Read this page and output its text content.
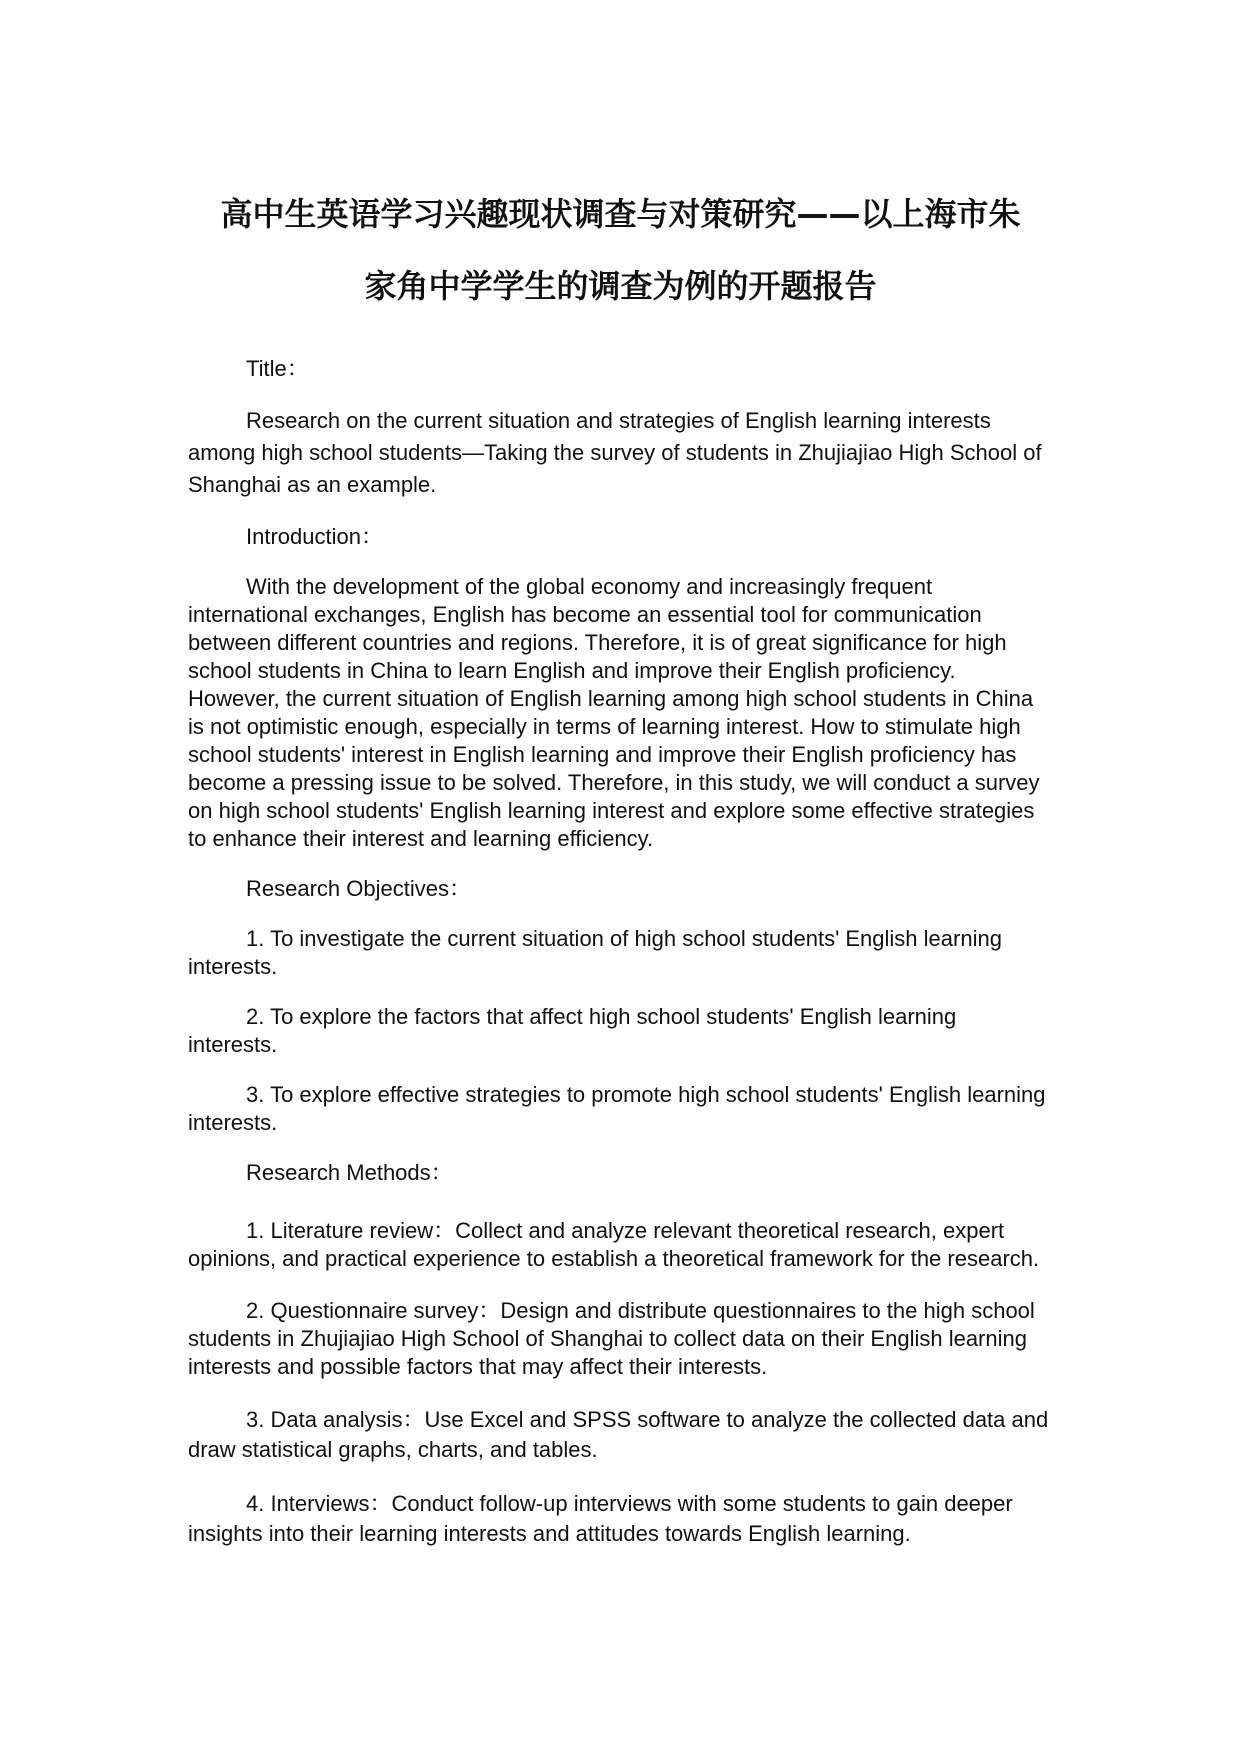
高中生英语学习兴趣现状调查与对策研究——以上海市朱
家角中学学生的调查为例的开题报告

Title：

Research on the current situation and strategies of English learning interests among high school students—Taking the survey of students in Zhujiajiao High School of Shanghai as an example.

Introduction：

With the development of the global economy and increasingly frequent international exchanges, English has become an essential tool for communication between different countries and regions. Therefore, it is of great significance for high school students in China to learn English and improve their English proficiency. However, the current situation of English learning among high school students in China is not optimistic enough, especially in terms of learning interest. How to stimulate high school students' interest in English learning and improve their English proficiency has become a pressing issue to be solved. Therefore, in this study, we will conduct a survey on high school students' English learning interest and explore some effective strategies to enhance their interest and learning efficiency.

Research Objectives：

1. To investigate the current situation of high school students' English learning interests.

2. To explore the factors that affect high school students' English learning interests.

3. To explore effective strategies to promote high school students' English learning interests.

Research Methods：

1. Literature review：Collect and analyze relevant theoretical research, expert opinions, and practical experience to establish a theoretical framework for the research.

2. Questionnaire survey：Design and distribute questionnaires to the high school students in Zhujiajiao High School of Shanghai to collect data on their English learning interests and possible factors that may affect their interests.

3. Data analysis：Use Excel and SPSS software to analyze the collected data and draw statistical graphs, charts, and tables.

4. Interviews：Conduct follow-up interviews with some students to gain deeper insights into their learning interests and attitudes towards English learning.
